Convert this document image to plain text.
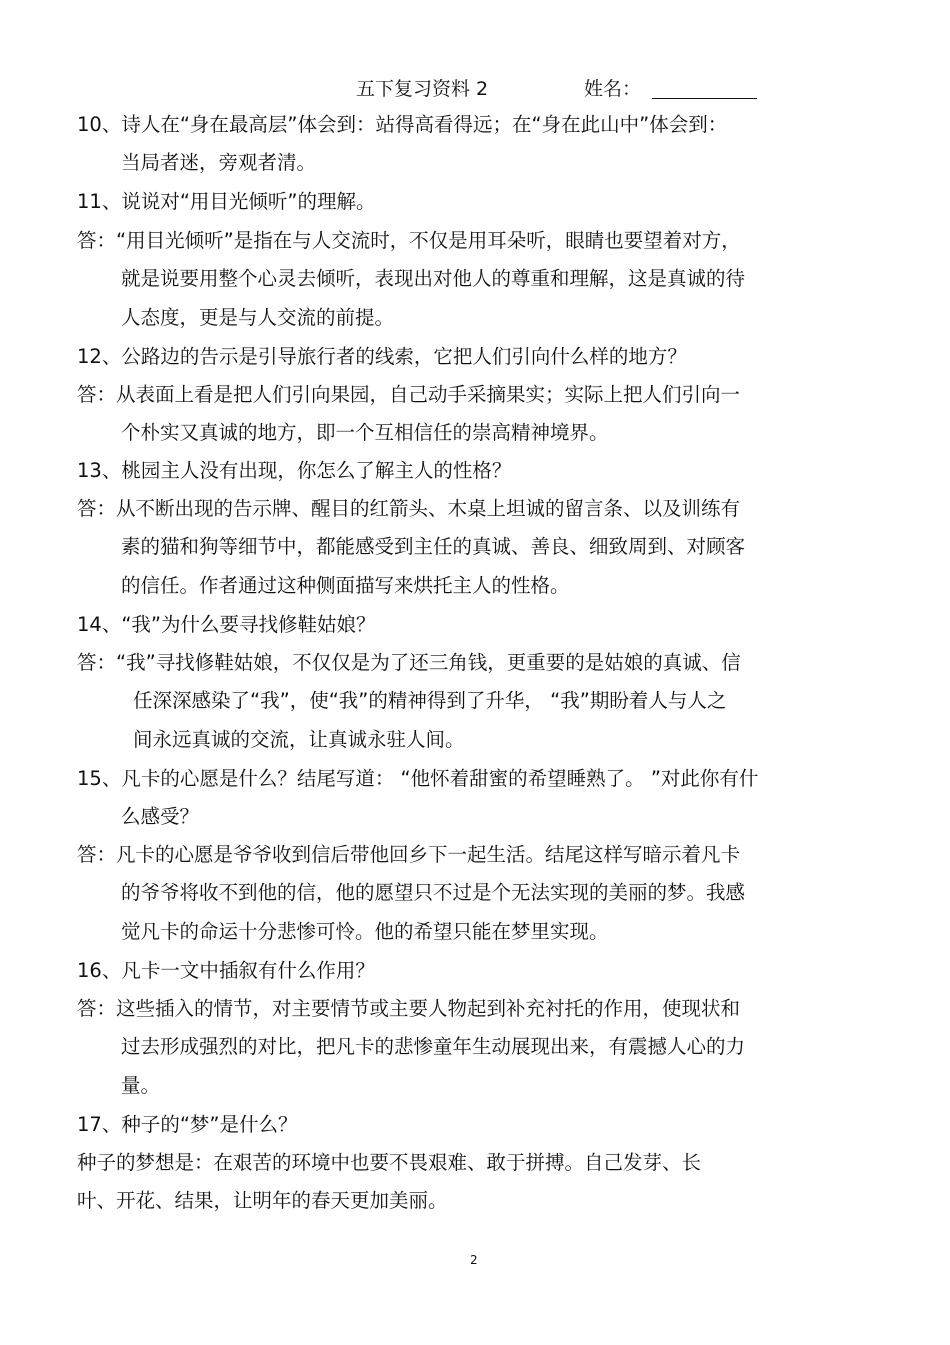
五下复习资料 2	姓名：
10、诗人在“身在最高层”体会到：站得高看得远；在“身在此山中”体会到：
当局者迷，旁观者清。
11、说说对“用目光倾听”的理解。
答：“用目光倾听”是指在与人交流时，不仅是用耳朵听，眼睛也要望着对方，
就是说要用整个心灵去倾听，表现出对他人的尊重和理解，这是真诚的待
人态度，更是与人交流的前提。
12、公路边的告示是引导旅行者的线索，它把人们引向什么样的地方？
答：从表面上看是把人们引向果园，自己动手采摘果实；实际上把人们引向一
个朴实又真诚的地方，即一个互相信任的崇高精神境界。
13、桃园主人没有出现，你怎么了解主人的性格？
答：从不断出现的告示牌、醒目的红箭头、木桌上坦诚的留言条、以及训练有
素的猫和狗等细节中，都能感受到主任的真诚、善良、细致周到、对顾客
的信任。作者通过这种侧面描写来烘托主人的性格。
14、“我”为什么要寻找修鞋姑娘？
答：“我”寻找修鞋姑娘，不仅仅是为了还三角钱，更重要的是姑娘的真诚、信
任深深感染了“我”，使“我”的精神得到了升华， “我”期盼着人与人之
间永远真诚的交流，让真诚永驻人间。
15、凡卡的心愿是什么？结尾写道： “他怀着甜蜜的希望睡熟了。 ”对此你有什
么感受？
答：凡卡的心愿是爷爷收到信后带他回乡下一起生活。结尾这样写暗示着凡卡
的爷爷将收不到他的信，他的愿望只不过是个无法实现的美丽的梦。我感
觉凡卡的命运十分悲惨可怜。他的希望只能在梦里实现。
16、凡卡一文中插叙有什么作用？
答：这些插入的情节，对主要情节或主要人物起到补充衬托的作用，使现状和
过去形成强烈的对比，把凡卡的悲惨童年生动展现出来，有震撼人心的力
量。
17、种子的“梦”是什么？
种子的梦想是：在艰苦的环境中也要不畏艰难、敢于拼搏。自己发芽、长
叶、开花、结果，让明年的春天更加美丽。
2
